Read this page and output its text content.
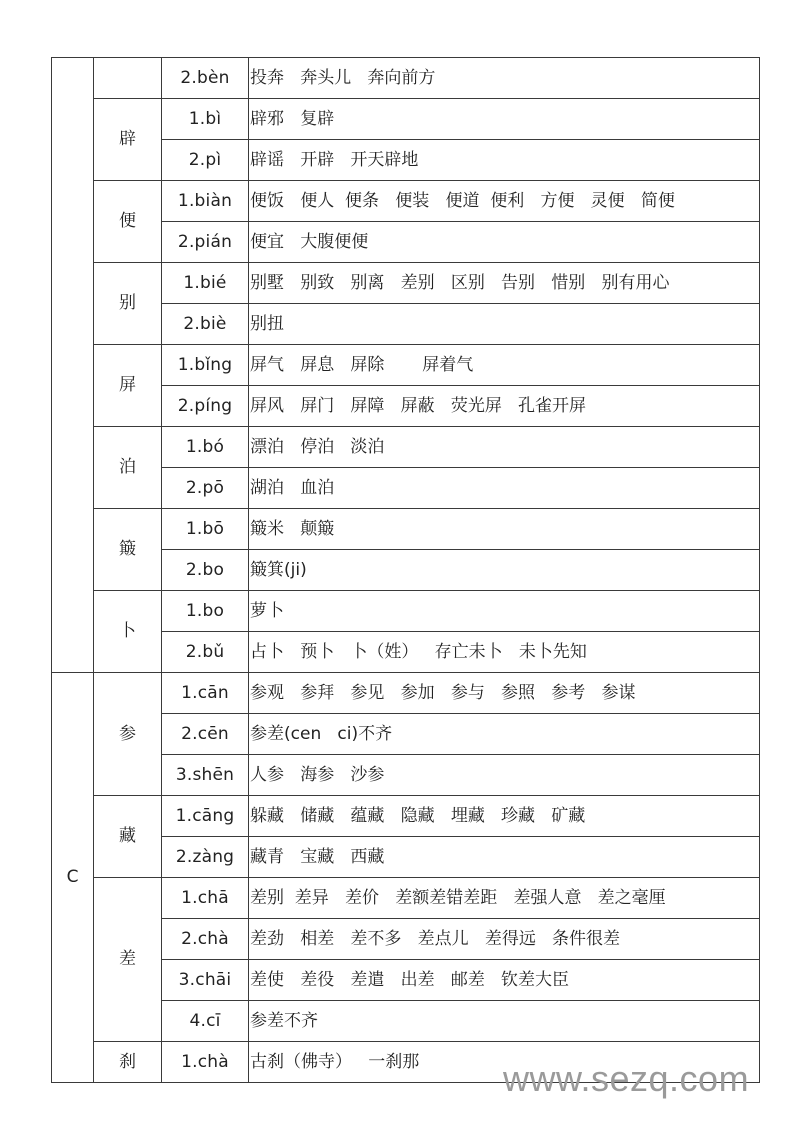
		2.bèn	投奔   奔头儿   奔向前方
	辟	1.bì	辟邪   复辟
		2.pì	辟谣   开辟   开天辟地
	便	1.biàn	便饭   便人  便条   便装   便道  便利   方便   灵便   简便
		2.pián	便宜   大腹便便
	别	1.bié	别墅   别致   别离   差别   区别   告别   惜别   别有用心
		2.biè	别扭
	屏	1.bǐng	屏气   屏息   屏除       屏着气
		2.píng	屏风   屏门   屏障   屏蔽   荧光屏   孔雀开屏
	泊	1.bó	漂泊   停泊   淡泊
		2.pō	湖泊   血泊
	簸	1.bō	簸米   颠簸
		2.bo	簸箕(ji)
	卜	1.bo	萝卜
		2.bǔ	占卜   预卜   卜（姓）   存亡未卜   未卜先知
C	参	1.cān	参观   参拜   参见   参加   参与   参照   参考   参谋
		2.cēn	参差(cen   ci)不齐
		3.shēn	人参   海参   沙参
	藏	1.cāng	躲藏   储藏   蕴藏   隐藏   埋藏   珍藏   矿藏
		2.zàng	藏青   宝藏   西藏
	差	1.chā	差别  差异   差价   差额差错差距   差强人意   差之毫厘
		2.chà	差劲   相差   差不多   差点儿   差得远   条件很差
		3.chāi	差使   差役   差遣   出差   邮差   钦差大臣
		4.cī	参差不齐
	刹	1.chà	古刹（佛寺）   一刹那 www.sezq.com
